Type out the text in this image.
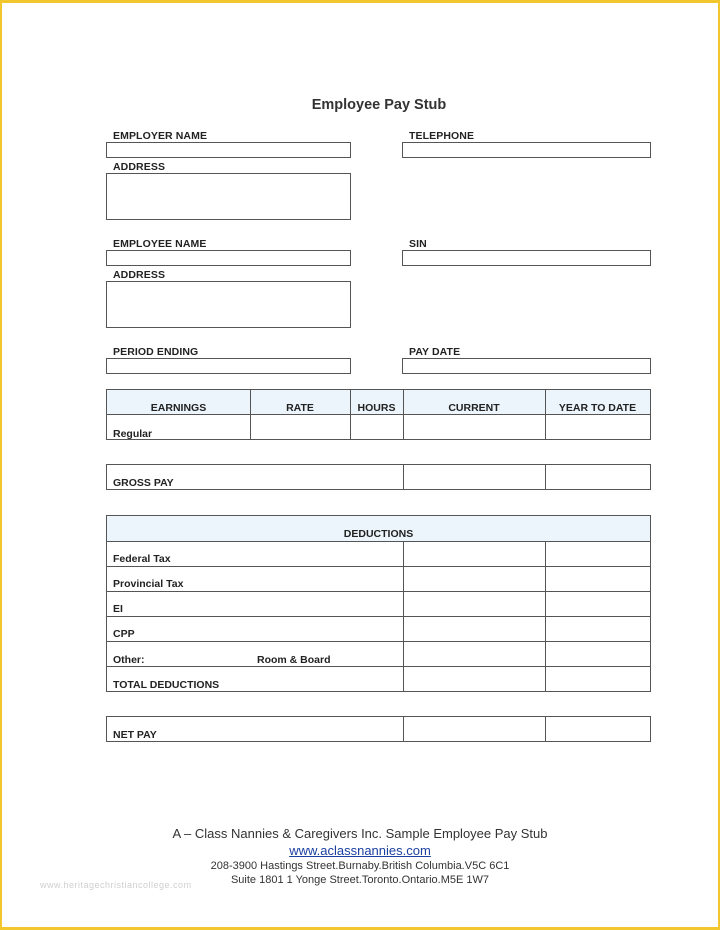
Employee Pay Stub
EMPLOYER NAME	TELEPHONE
ADDRESS
EMPLOYEE NAME	SIN
ADDRESS
PERIOD ENDING	PAY DATE
EARNINGS	RATE	HOURS	CURRENT	YEAR TO DATE
Regular
GROSS PAY
DEDUCTIONS
Federal Tax
Provincial Tax
EI
CPP
Other:	Room & Board
TOTAL DEDUCTIONS
NET PAY
A – Class Nannies & Caregivers Inc. Sample Employee Pay Stub
www.aclassnannies.com
208-3900 Hastings Street.Burnaby.British Columbia.V5C 6C1
Suite 1801 1 Yonge Street.Toronto.Ontario.M5E 1W7
www.heritagechristiancollege.com
